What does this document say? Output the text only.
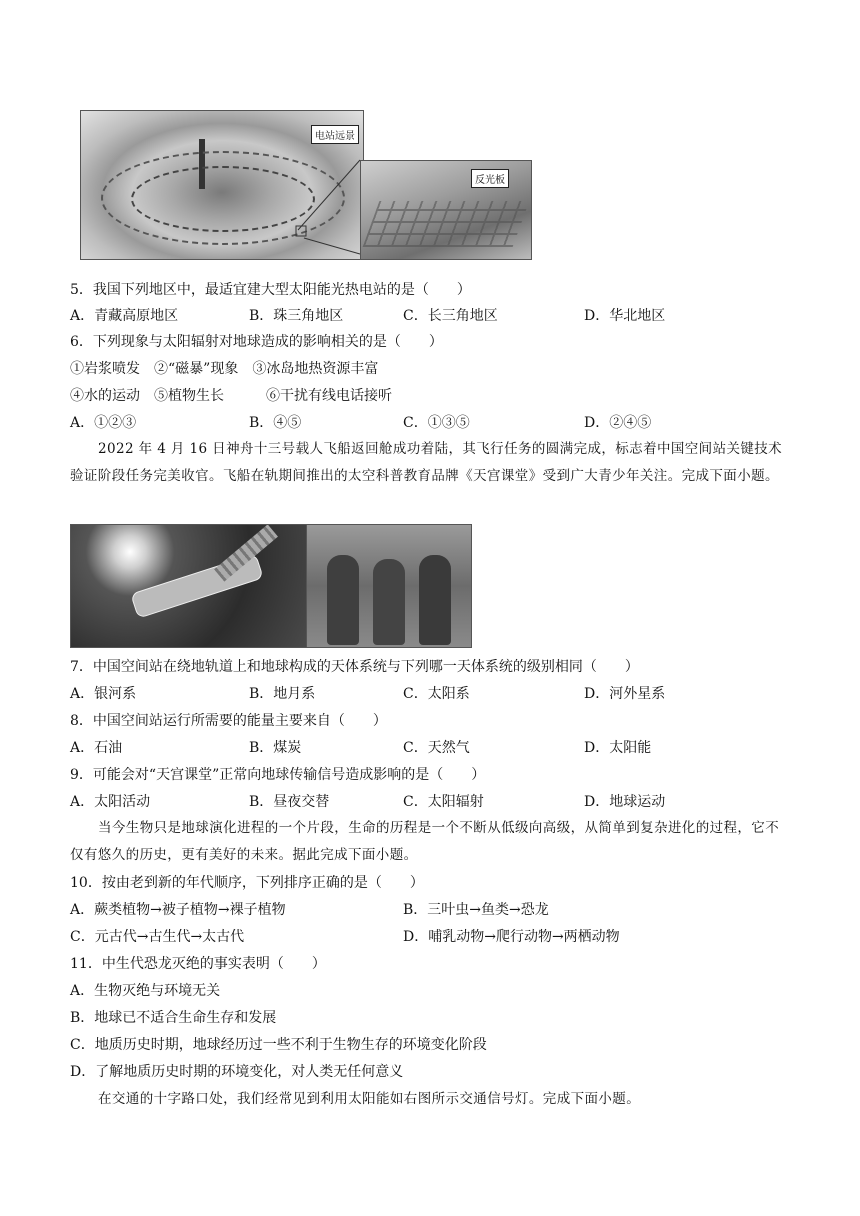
电站远景
反光板
5．我国下列地区中，最适宜建大型太阳能光热电站的是（　　）
A．青藏高原地区	B．珠三角地区	C．长三角地区	D．华北地区
6．下列现象与太阳辐射对地球造成的影响相关的是（　　）
①岩浆喷发　②“磁暴”现象　③冰岛地热资源丰富
④水的运动　⑤植物生长　　　⑥干扰有线电话接听
A．①②③	B．④⑤	C．①③⑤	D．②④⑤
2022 年 4 月 16 日神舟十三号载人飞船返回舱成功着陆，其飞行任务的圆满完成，标志着中国空间站关键技术验证阶段任务完美收官。飞船在轨期间推出的太空科普教育品牌《天宫课堂》受到广大青少年关注。完成下面小题。
7．中国空间站在绕地轨道上和地球构成的天体系统与下列哪一天体系统的级别相同（　　）
A．银河系	B．地月系	C．太阳系	D．河外星系
8．中国空间站运行所需要的能量主要来自（　　）
A．石油	B．煤炭	C．天然气	D．太阳能
9．可能会对“天宫课堂”正常向地球传输信号造成影响的是（　　）
A．太阳活动	B．昼夜交替	C．太阳辐射	D．地球运动
当今生物只是地球演化进程的一个片段，生命的历程是一个不断从低级向高级，从简单到复杂进化的过程，它不仅有悠久的历史，更有美好的未来。据此完成下面小题。
10．按由老到新的年代顺序，下列排序正确的是（　　）
A．蕨类植物→被子植物→裸子植物	B．三叶虫→鱼类→恐龙
C．元古代→古生代→太古代	D．哺乳动物→爬行动物→两栖动物
11．中生代恐龙灭绝的事实表明（　　）
A．生物灭绝与环境无关
B．地球已不适合生命生存和发展
C．地质历史时期，地球经历过一些不利于生物生存的环境变化阶段
D．了解地质历史时期的环境变化，对人类无任何意义
在交通的十字路口处，我们经常见到利用太阳能如右图所示交通信号灯。完成下面小题。
